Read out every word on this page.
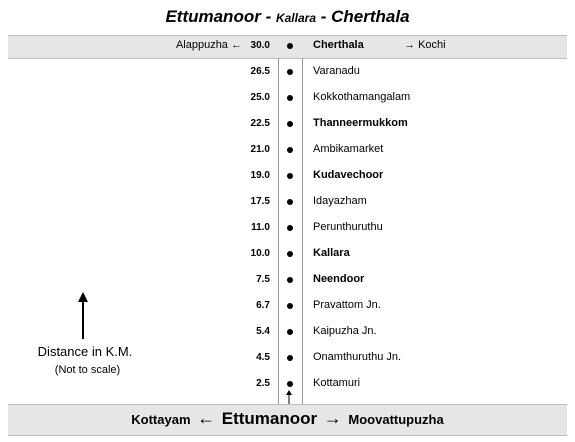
Ettumanoor - Kallara - Cherthala
Alappuzha ← 30.0	Cherthala	→ Kochi
26.5	Varanadu
25.0	Kokkothamangalam
22.5	Thanneermukkom
21.0	Ambikamarket
19.0	Kudavechoor
17.5	Idayazham
11.0	Perunthuruthu
10.0	Kallara
7.5	Neendoor
6.7	Pravattom Jn.
5.4	Kaipuzha Jn.
4.5	Onamthuruthu Jn.
2.5	Kottamuri
Distance in K.M.
(Not to scale)
Kottayam ← Ettumanoor → Moovattupuzha
